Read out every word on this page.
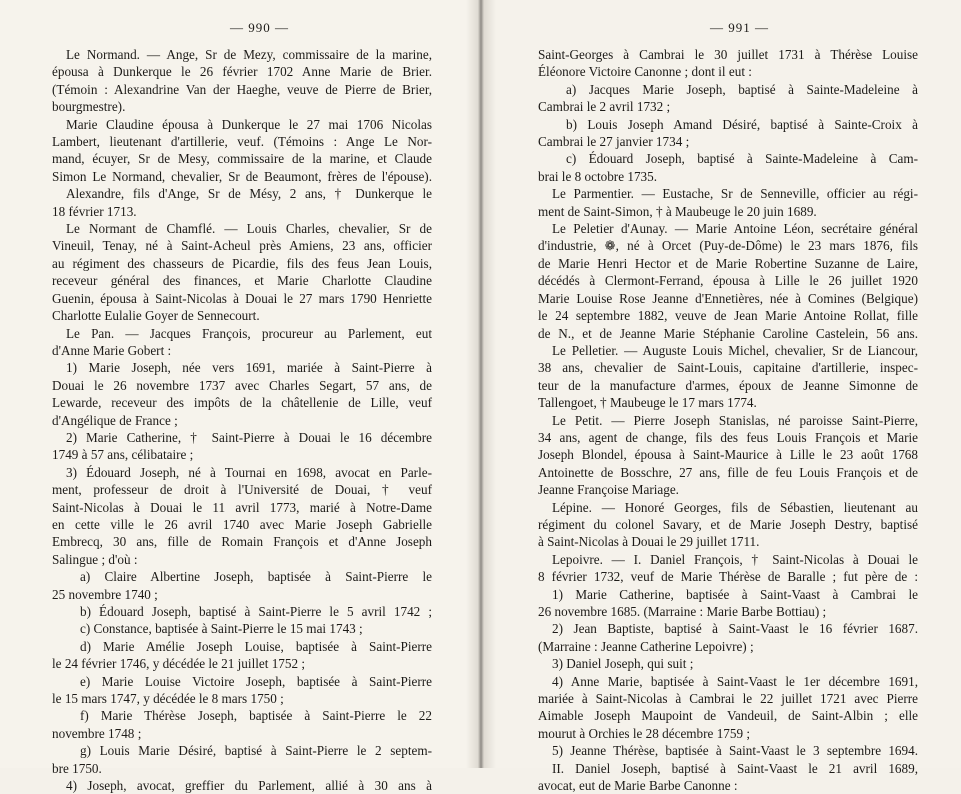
— 990 —
Le Normand. — Ange, Sr de Mezy, commissaire de la marine,
épousa à Dunkerque le 26 février 1702 Anne Marie de Brier.
(Témoin : Alexandrine Van der Haeghe, veuve de Pierre de Brier,
bourgmestre).
Marie Claudine épousa à Dunkerque le 27 mai 1706 Nicolas
Lambert, lieutenant d'artillerie, veuf. (Témoins : Ange Le Nor-
mand, écuyer, Sr de Mesy, commissaire de la marine, et Claude
Simon Le Normand, chevalier, Sr de Beaumont, frères de l'épouse).
Alexandre, fils d'Ange, Sr de Mésy, 2 ans, † Dunkerque le
18 février 1713.
Le Normant de Chamflé. — Louis Charles, chevalier, Sr de
Vineuil, Tenay, né à Saint-Acheul près Amiens, 23 ans, officier
au régiment des chasseurs de Picardie, fils des feus Jean Louis,
receveur général des finances, et Marie Charlotte Claudine
Guenin, épousa à Saint-Nicolas à Douai le 27 mars 1790 Henriette
Charlotte Eulalie Goyer de Sennecourt.
Le Pan. — Jacques François, procureur au Parlement, eut
d'Anne Marie Gobert :
1) Marie Joseph, née vers 1691, mariée à Saint-Pierre à
Douai le 26 novembre 1737 avec Charles Segart, 57 ans, de
Lewarde, receveur des impôts de la châtellenie de Lille, veuf
d'Angélique de France ;
2) Marie Catherine, † Saint-Pierre à Douai le 16 décembre
1749 à 57 ans, célibataire ;
3) Édouard Joseph, né à Tournai en 1698, avocat en Parle-
ment, professeur de droit à l'Université de Douai, † veuf
Saint-Nicolas à Douai le 11 avril 1773, marié à Notre-Dame
en cette ville le 26 avril 1740 avec Marie Joseph Gabrielle
Embrecq, 30 ans, fille de Romain François et d'Anne Joseph
Salingue ; d'où :
a) Claire Albertine Joseph, baptisée à Saint-Pierre le
25 novembre 1740 ;
b) Édouard Joseph, baptisé à Saint-Pierre le 5 avril 1742 ;
c) Constance, baptisée à Saint-Pierre le 15 mai 1743 ;
d) Marie Amélie Joseph Louise, baptisée à Saint-Pierre
le 24 février 1746, y décédée le 21 juillet 1752 ;
e) Marie Louise Victoire Joseph, baptisée à Saint-Pierre
le 15 mars 1747, y décédée le 8 mars 1750 ;
f) Marie Thérèse Joseph, baptisée à Saint-Pierre le 22
novembre 1748 ;
g) Louis Marie Désiré, baptisé à Saint-Pierre le 2 septem-
bre 1750.
4) Joseph, avocat, greffier du Parlement, allié à 30 ans à
— 991 —
Saint-Georges à Cambrai le 30 juillet 1731 à Thérèse Louise
Éléonore Victoire Canonne ; dont il eut :
a) Jacques Marie Joseph, baptisé à Sainte-Madeleine à
Cambrai le 2 avril 1732 ;
b) Louis Joseph Amand Désiré, baptisé à Sainte-Croix à
Cambrai le 27 janvier 1734 ;
c) Édouard Joseph, baptisé à Sainte-Madeleine à Cam-
brai le 8 octobre 1735.
Le Parmentier. — Eustache, Sr de Senneville, officier au régi-
ment de Saint-Simon, † à Maubeuge le 20 juin 1689.
Le Peletier d'Aunay. — Marie Antoine Léon, secrétaire général
d'industrie, ❁, né à Orcet (Puy-de-Dôme) le 23 mars 1876, fils
de Marie Henri Hector et de Marie Robertine Suzanne de Laire,
décédés à Clermont-Ferrand, épousa à Lille le 26 juillet 1920
Marie Louise Rose Jeanne d'Ennetières, née à Comines (Belgique)
le 24 septembre 1882, veuve de Jean Marie Antoine Rollat, fille
de N., et de Jeanne Marie Stéphanie Caroline Castelein, 56 ans.
Le Pelletier. — Auguste Louis Michel, chevalier, Sr de Liancour,
38 ans, chevalier de Saint-Louis, capitaine d'artillerie, inspec-
teur de la manufacture d'armes, époux de Jeanne Simonne de
Tallengoet, † Maubeuge le 17 mars 1774.
Le Petit. — Pierre Joseph Stanislas, né paroisse Saint-Pierre,
34 ans, agent de change, fils des feus Louis François et Marie
Joseph Blondel, épousa à Saint-Maurice à Lille le 23 août 1768
Antoinette de Bosschre, 27 ans, fille de feu Louis François et de
Jeanne Françoise Mariage.
Lépine. — Honoré Georges, fils de Sébastien, lieutenant au
régiment du colonel Savary, et de Marie Joseph Destry, baptisé
à Saint-Nicolas à Douai le 29 juillet 1711.
Lepoivre. — I. Daniel François, † Saint-Nicolas à Douai le
8 février 1732, veuf de Marie Thérèse de Baralle ; fut père de :
1) Marie Catherine, baptisée à Saint-Vaast à Cambrai le
26 novembre 1685. (Marraine : Marie Barbe Bottiau) ;
2) Jean Baptiste, baptisé à Saint-Vaast le 16 février 1687.
(Marraine : Jeanne Catherine Lepoivre) ;
3) Daniel Joseph, qui suit ;
4) Anne Marie, baptisée à Saint-Vaast le 1er décembre 1691,
mariée à Saint-Nicolas à Cambrai le 22 juillet 1721 avec Pierre
Aimable Joseph Maupoint de Vandeuil, de Saint-Albin ; elle
mourut à Orchies le 28 décembre 1759 ;
5) Jeanne Thérèse, baptisée à Saint-Vaast le 3 septembre 1694.
II. Daniel Joseph, baptisé à Saint-Vaast le 21 avril 1689,
avocat, eut de Marie Barbe Canonne :
